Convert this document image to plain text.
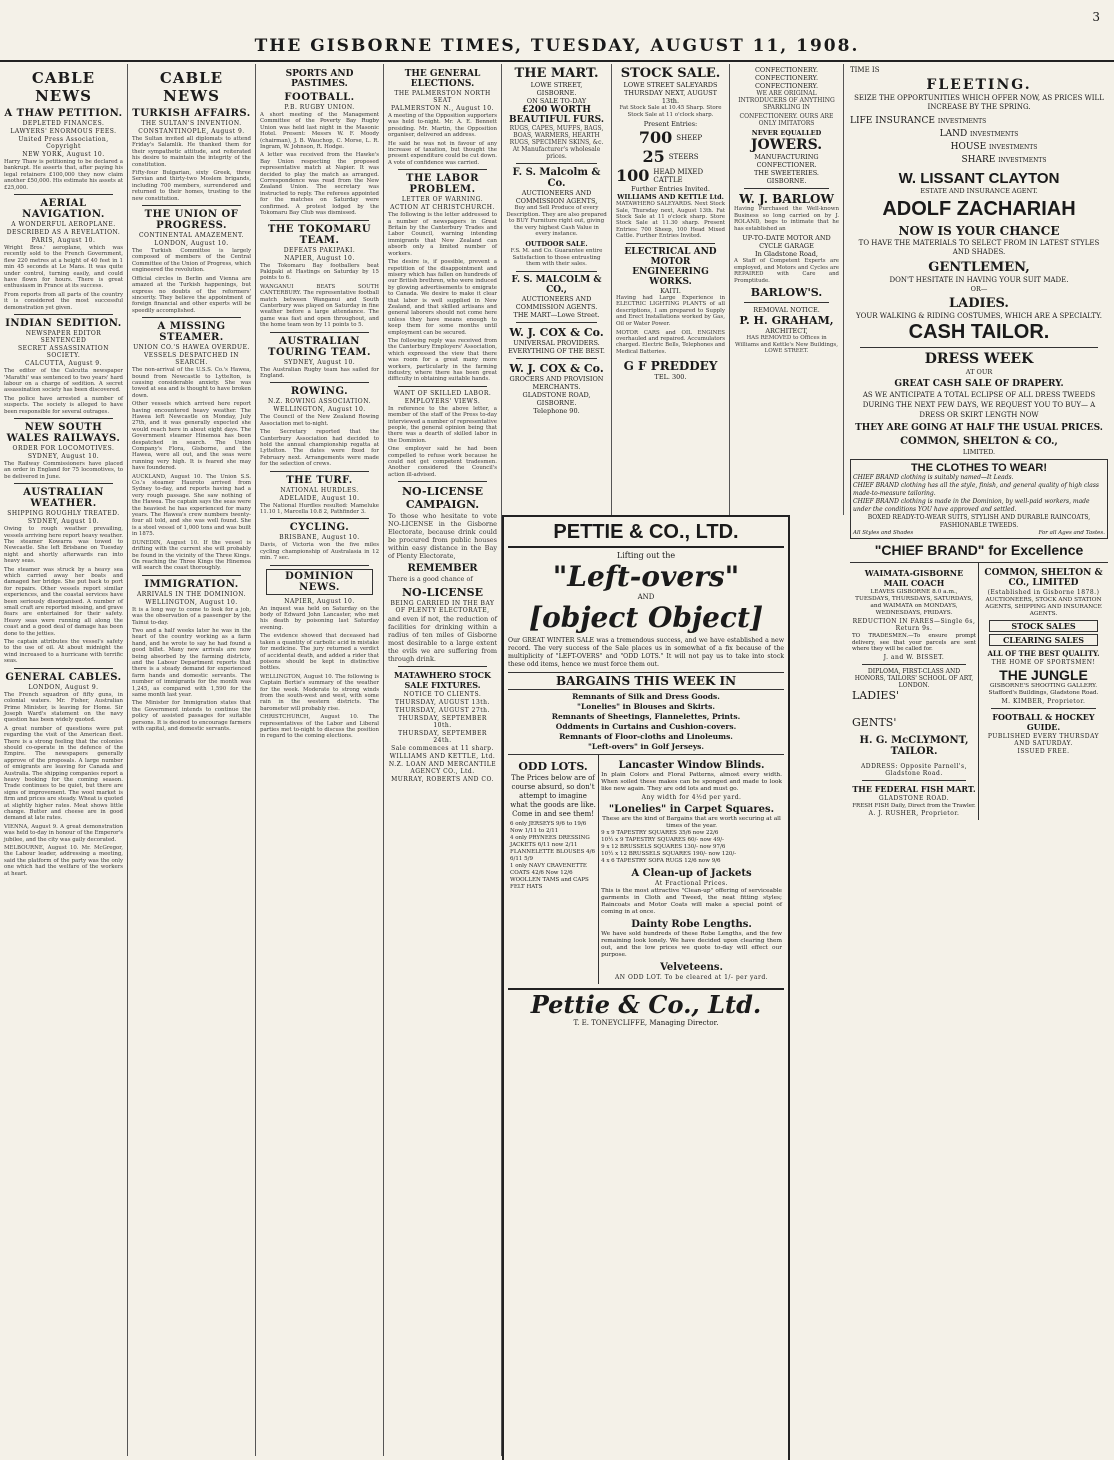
THE GISBORNE TIMES, TUESDAY, AUGUST 11, 1908.
3
CABLE NEWS
A THAW PETITION.
DEPLETED FINANCES.
LAWYERS' ENORMOUS FEES.
United Press Association, Copyright
NEW YORK, August 10.

Harry Thaw is petitioning to be declared a bankrupt. He asserts that, after paying his legal retainers £100,000 they now claim another £50,000. His estimate his assets at £25,000.

AERIAL NAVIGATION.
A WONDERFUL AEROPLANE.
DESCRIBED AS A REVELATION.
PARIS, August 10.

Wright Bros.' aeroplane, which was recently sold to the French Government, flew 220 metres at a height of 40 feet in 1 min 45 seconds at Le Mans. It was quite under control, turning easily, and could have flown for hours. There is great enthusiasm in France at its success.

From reports from all parts of the country it is considered the most successful demonstration yet given.

INDIAN SEDITION.
NEWSPAPER EDITOR SENTENCED
SECRET ASSASSINATION SOCIETY.
CALCUTTA, August 9.

The editor of the Calcutta newspaper 'Marathi' was sentenced to two years' hard labour on a charge of sedition. A secret assassination society has been discovered.

The police have arrested a number of suspects. The society is alleged to have been responsible for several outrages.

NEW SOUTH WALES RAILWAYS.
ORDER FOR LOCOMOTIVES.
SYDNEY, August 10.

The Railway Commissioners have placed an order in England for 75 locomotives, to be delivered in June.

AUSTRALIAN WEATHER.
SHIPPING ROUGHLY TREATED.
SYDNEY, August 10.

Owing to rough weather prevailing, vessels arriving here report heavy weather. The steamer Kowarra was towed to Newcastle. She left Brisbane on Tuesday night and shortly afterwards ran into heavy seas.

The steamer was struck by a heavy sea which carried away her boats and damaged her bridge. She put back to port for repairs. Other vessels report similar experiences, and the coastal services have been seriously disorganised. A number of small craft are reported missing, and grave fears are entertained for their safety. Heavy seas were running all along the coast and a good deal of damage has been done to the jetties.

The captain attributes the vessel's safety to the use of oil. At about midnight the wind increased to a hurricane with terrific seas.

GENERAL CABLES.
LONDON, August 9.

The French squadron of fifty guns, in colonial waters. Mr. Fisher, Australian Prime Minister, is leaving for Home. Sir Joseph Ward's statement on the navy question has been widely quoted.

A great number of questions were put regarding the visit of the American fleet. There is a strong feeling that the colonies should co-operate in the defence of the Empire. The newspapers generally approve of the proposals. A large number of emigrants are leaving for Canada and Australia. The shipping companies report a heavy booking for the coming season. Trade continues to be quiet, but there are signs of improvement. The wool market is firm and prices are steady. Wheat is quoted at slightly higher rates. Meat shows little change. Butter and cheese are in good demand at late rates.

VIENNA, August 9. A great demonstration was held to-day in honour of the Emperor's jubilee, and the city was gaily decorated.

MELBOURNE, August 10. Mr. McGregor, the Labour leader, addressing a meeting, said the platform of the party was the only one which had the welfare of the workers at heart.

CABLE NEWS
TURKISH AFFAIRS.
THE SULTAN'S INVENTION.
CONSTANTINOPLE, August 9.

The Sultan invited all diplomats to attend Friday's Salamlik. He thanked them for their sympathetic attitude, and reiterated his desire to maintain the integrity of the constitution.

Fifty-four Bulgarian, sixty Greek, three Servian and thirty-two Moslem brigands, including 700 members, surrendered and returned to their homes, trusting to the new constitution.

THE UNION OF PROGRESS.
CONTINENTAL AMAZEMENT.
LONDON, August 10.

The Turkish Committee is largely composed of members of the Central Committee of the Union of Progress, which engineered the revolution.

Official circles in Berlin and Vienna are amazed at the Turkish happenings, but express no doubts of the reformers' sincerity. They believe the appointment of foreign financial and other experts will be speedily accomplished.

A MISSING STEAMER.
UNION CO.'S HAWEA OVERDUE.
VESSELS DESPATCHED IN SEARCH.

The non-arrival of the U.S.S. Co.'s Hawea, bound from Newcastle to Lyttelton, is causing considerable anxiety. She was towed at sea and is thought to have broken down.

Other vessels which arrived here report having encountered heavy weather. The Hawea left Newcastle on Monday, July 27th, and it was generally expected she would reach here in about eight days. The Government steamer Hinemoa has been despatched in search. The Union Company's Flora, Gisborne, and the Hawea, were all out, and the seas were running very high. It is feared she may have foundered.

AUCKLAND, August 10. The Union S.S. Co.'s steamer Hauroto arrived from Sydney to-day, and reports having had a very rough passage. She saw nothing of the Hawea. The captain says the seas were the heaviest he has experienced for many years. The Hawea's crew numbers twenty-four all told, and she was well found. She is a steel vessel of 1,000 tons and was built in 1875.

DUNEDIN, August 10. If the vessel is drifting with the current she will probably be found in the vicinity of the Three Kings. On reaching the Three Kings the Hinemoa will search the coast thoroughly.

IMMIGRATION.
ARRIVALS IN THE DOMINION.
WELLINGTON, August 10.

It is a long way to come to look for a job, was the observation of a passenger by the Tainui to-day.

Two and a half weeks later he was in the heart of the country working as a farm hand, and he wrote to say he had found a good billet. Many new arrivals are now being absorbed by the farming districts, and the Labour Department reports that there is a steady demand for experienced farm hands and domestic servants. The number of immigrants for the month was 1,245, as compared with 1,590 for the same month last year.

The Minister for Immigration states that the Government intends to continue the policy of assisted passages for suitable persons. It is desired to encourage farmers with capital, and domestic servants.

SPORTS AND PASTIMES.
FOOTBALL.
P.B. RUGBY UNION.

A short meeting of the Management Committee of the Poverty Bay Rugby Union was held last night in the Masonic Hotel. Present: Messrs W. F. Moody (chairman), J. B. Wauchop, C. Morse, L. R. Ingram, W. Johnson, R. Hodge.

A letter was received from the Hawke's Bay Union respecting the proposed representative match at Napier. It was decided to play the match as arranged. Correspondence was read from the New Zealand Union. The secretary was instructed to reply. The referees appointed for the matches on Saturday were confirmed. A protest lodged by the Tokomaru Bay Club was dismissed.

THE TOKOMARU TEAM.
DEFEATS PAKIPAKI.
NAPIER, August 10.

The Tokomaru Bay footballers beat Pakipaki at Hastings on Saturday by 15 points to 6.

WANGANUI BEATS SOUTH CANTERBURY. The representative football match between Wanganui and South Canterbury was played on Saturday in fine weather before a large attendance. The game was fast and open throughout, and the home team won by 11 points to 5.

AUSTRALIAN TOURING TEAM.
SYDNEY, August 10.

The Australian Rugby team has sailed for England.

ROWING.
N.Z. ROWING ASSOCIATION.
WELLINGTON, August 10.

The Council of the New Zealand Rowing Association met to-night.

The Secretary reported that the Canterbury Association had decided to hold the annual championship regatta at Lyttelton. The dates were fixed for February next. Arrangements were made for the selection of crews.

THE TURF.
NATIONAL HURDLES.
ADELAIDE, August 10.

The National Hurdles resulted: Mameluke 11.10 1, Marcella 10.8 2, Pathfinder 3.

CYCLING.
BRISBANE, August 10.

Davis, of Victoria won the five miles cycling championship of Australasia in 12 min. 7 sec.

DOMINION NEWS.
NAPIER, August 10.

An inquest was held on Saturday on the body of Edward John Lancaster, who met his death by poisoning last Saturday evening.

The evidence showed that deceased had taken a quantity of carbolic acid in mistake for medicine. The jury returned a verdict of accidental death, and added a rider that poisons should be kept in distinctive bottles.

WELLINGTON, August 10. The following is Captain Bertie's summary of the weather for the week. Moderate to strong winds from the south-west and west, with some rain in the western districts. The barometer will probably rise.

CHRISTCHURCH, August 10. The representatives of the Labor and Liberal parties met to-night to discuss the position in regard to the coming elections.

THE GENERAL ELECTIONS.
THE PALMERSTON NORTH SEAT
PALMERSTON N., August 10.

A meeting of the Opposition supporters was held to-night. Mr. A. E. Bennett presiding. Mr. Martin, the Opposition organiser, delivered an address.

He said he was not in favour of any increase of taxation, but thought the present expenditure could be cut down. A vote of confidence was carried.

THE LABOR PROBLEM.
LETTER OF WARNING.
ACTION AT CHRISTCHURCH.

The following is the letter addressed to a number of newspapers in Great Britain by the Canterbury Trades and Labor Council, warning intending immigrants that New Zealand can absorb only a limited number of workers.

The desire is, if possible, prevent a repetition of the disappointment and misery which has fallen on hundreds of our British brethren, who were induced by glowing advertisements to emigrate to Canada. We desire to make it clear that labor is well supplied in New Zealand, and that skilled artisans and general laborers should not come here unless they have means enough to keep them for some months until employment can be secured.

The following reply was received from the Canterbury Employers' Association, which expressed the view that there was room for a great many more workers, particularly in the farming industry, where there has been great difficulty in obtaining suitable hands.

WANT OF SKILLED LABOR.
EMPLOYERS' VIEWS.

In reference to the above letter, a member of the staff of the Press to-day interviewed a number of representative people, the general opinion being that there was a dearth of skilled labor in the Dominion.

One employer said he had been compelled to refuse work because he could not get competent tradesmen. Another considered the Council's action ill-advised.

NO-LICENSE CAMPAIGN.

To those who hesitate to vote NO-LICENSE in the Gisborne Electorate, because drink could be procured from public houses within easy distance in the Bay of Plenty Electorate,

REMEMBER

There is a good chance of

NO-LICENSE
BEING CARRIED IN THE BAY OF PLENTY ELECTORATE,

and even if not, the reduction of facilities for drinking within a radius of ten miles of Gisborne most desirable to a large extent the evils we are suffering from through drink.

MATAWHERO STOCK SALE FIXTURES.
NOTICE TO CLIENTS.
THURSDAY, AUGUST 13th.
THURSDAY, AUGUST 27th.
THURSDAY, SEPTEMBER 10th.
THURSDAY, SEPTEMBER 24th.
Sale commences at 11 sharp.
WILLIAMS AND KETTLE, Ltd.
N.Z. LOAN AND MERCANTILE AGENCY CO., Ltd.
MURRAY, ROBERTS AND CO.
THE MART.
LOWE STREET,
GISBORNE.
ON SALE TO-DAY
£200 WORTH BEAUTIFUL FURS.

RUGS, CAPES, MUFFS, BAGS, BOAS, WARMERS, HEARTH RUGS, SPECIMEN SKINS, &c. At Manufacturer's wholesale prices.

F. S. Malcolm & Co.
AUCTIONEERS AND COMMISSION AGENTS,

Buy and Sell Produce of every Description. They are also prepared to BUY Furniture right out, giving the very highest Cash Value in every instance.

OUTDOOR SALE.

F.S. M. and Co. Guarantee entire Satisfaction to those entrusting them with their sales.

F. S. MALCOLM & CO.,
AUCTIONEERS AND COMMISSION AGENTS.
THE MART—Lowe Street.
W. J. COX & Co.
UNIVERSAL PROVIDERS.
EVERYTHING OF THE BEST.
W. J. COX & Co.
GROCERS AND PROVISION MERCHANTS.
GLADSTONE ROAD, GISBORNE.
Telephone 90.
STOCK SALE.
LOWE STREET SALEYARDS
THURSDAY NEXT, AUGUST 13th.

Fat Stock Sale at 10.45 Sharp. Store Stock Sale at 11 o'clock sharp.

Present Entries:
700 SHEEP
25 STEERS
100 HEAD MIXED CATTLE
Further Entries Invited.
WILLIAMS AND KETTLE Ltd.

MATAWHERO SALEYARDS. Next Stock Sale, Thursday next, August 13th. Fat Stock Sale at 11 o'clock sharp. Store Stock Sale at 11.30 sharp. Present Entries: 700 Sheep, 100 Head Mixed Cattle. Further Entries Invited.

ELECTRICAL AND MOTOR ENGINEERING WORKS.
KAITI.

Having had Large Experience in ELECTRIC LIGHTING PLANTS of all descriptions, I am prepared to Supply and Erect Installations worked by Gas, Oil or Water Power.

MOTOR CARS and OIL ENGINES overhauled and repaired. Accumulators charged. Electric Bells, Telephones and Medical Batteries.

G F PREDDEY
TEL. 300.
CONFECTIONERY.
CONFECTIONERY.
CONFECTIONERY.

WE ARE ORIGINAL INTRODUCERS OF ANYTHING SPARKLING IN

CONFECTIONERY. OURS ARE ONLY IMITATORS

NEVER EQUALLED
JOWERS.
MANUFACTURING CONFECTIONER.
THE SWEETERIES.
GISBORNE.
W. J. BARLOW

Having Purchased the Well-known Business so long carried on by J. ROLAND, begs to intimate that he has established an

UP-TO-DATE MOTOR AND CYCLE GARAGE
In Gladstone Road,

A Staff of Competent Experts are employed, and Motors and Cycles are REPAIRED with Care and Promptitude.

BARLOW'S.
REMOVAL NOTICE.
P. H. GRAHAM,
ARCHITECT,

HAS REMOVED to Offices in Williams and Kettle's New Buildings, LOWE STREET.

PETTIE & CO., LTD.
Lifting out the
"Left-overs"
AND
[object Object]

Our GREAT WINTER SALE was a tremendous success, and we have established a new record. The very success of the Sale places us in somewhat of a fix because of the multiplicity of "LEFT-OVERS" and "ODD LOTS." It will not pay us to take into stock these odd items, hence we must force them out.

BARGAINS THIS WEEK IN
Remnants of Silk and Dress Goods.
"Lonelies" in Blouses and Skirts.
Remnants of Sheetings, Flannelettes, Prints.
Oddments in Curtains and Cushion-covers.
Remnants of Floor-cloths and Linoleums.
"Left-overs" in Golf Jerseys.
ODD LOTS.

The Prices below are of course absurd, so don't attempt to imagine what the goods are like. Come in and see them!

6 only JERSEYS 9/6 to 19/6 Now 1/11 to 2/11
4 only PRYNEES DRESSING JACKETS 6/11 now 2/11
FLANNELETTE BLOUSES 4/6 6/11 5/9
1 only NAVY CRAVENETTE COATS 42/6 Now 12/6
WOOLLEN TAMS and CAPS
FELT HATS
Lancaster Window Blinds.

In plain Colors and Floral Patterns, almost every width. When soiled these makes can be sponged and made to look like new again. They are odd lots and must go.

Any width for 4½d per yard.
"Lonelies" in Carpet Squares.

These are the kind of Bargains that are worth securing at all times of the year.

9 x 9 TAPESTRY SQUARES 35/6 now 22/6
10½ x 9 TAPESTRY SQUARES 60/- now 49/-
9 x 12 BRUSSELS SQUARES 130/- now 97/6
10½ x 12 BRUSSELS SQUARES 190/- now 120/-
4 x 6 TAPESTRY SOFA RUGS 12/6 now 9/6
A Clean-up of Jackets
At Fractional Prices.

This is the most attractive "Clean-up" offering of serviceable garments in Cloth and Tweed, the neat fitting styles; Raincoats and Motor Coats will make a special point of coming in at once.

Dainty Robe Lengths.

We have sold hundreds of these Robe Lengths, and the few remaining look lonely. We have decided upon clearing them out, and the low prices we quote to-day will effect our purpose.

Velveteens.
AN ODD LOT. To be cleared at 1/- per yard.
Pettie & Co., Ltd.
T. E. TONEYCLIFFE, Managing Director.
TIME IS
FLEETING.

SEIZE THE OPPORTUNITIES WHICH OFFER NOW, AS PRICES WILL INCREASE BY THE SPRING.

LIFE INSURANCE INVESTMENTS
LAND INVESTMENTS
HOUSE INVESTMENTS
SHARE INVESTMENTS
W. LISSANT CLAYTON
ESTATE AND INSURANCE AGENT.
ADOLF ZACHARIAH
NOW IS YOUR CHANCE

TO HAVE THE MATERIALS TO SELECT FROM IN LATEST STYLES AND SHADES.

GENTLEMEN,

DON'T HESITATE IN HAVING YOUR SUIT MADE.

OR—
LADIES.

YOUR WALKING & RIDING COSTUMES, WHICH ARE A SPECIALTY.

CASH TAILOR.
DRESS WEEK
AT OUR
GREAT CASH SALE OF DRAPERY.

AS WE ANTICIPATE A TOTAL ECLIPSE OF ALL DRESS TWEEDS DURING THE NEXT FEW DAYS, WE REQUEST YOU TO BUY— A DRESS OR SKIRT LENGTH NOW

THEY ARE GOING AT HALF THE USUAL PRICES.
COMMON, SHELTON & CO.,
LIMITED.
THE CLOTHES TO WEAR!

CHIEF BRAND clothing is suitably named—It Leads.

CHIEF BRAND clothing has all the style, finish, and general quality of high class made-to-measure tailoring.

CHIEF BRAND clothing is made in the Dominion, by well-paid workers, made under the conditions YOU have approved and settled.

BOXED READY-TO-WEAR SUITS, STYLISH AND DURABLE RAINCOATS, FASHIONABLE TWEEDS.

All Styles and Shades	For all Ages and Tastes.
"CHIEF BRAND" for Excellence
WAIMATA-GISBORNE MAIL COACH

LEAVES GISBORNE 8.0 a.m., TUESDAYS, THURSDAYS, SATURDAYS, and WAIMATA on MONDAYS, WEDNESDAYS, FRIDAYS.

REDUCTION IN FARES—Single 6s, Return 9s.

TO TRADESMEN.—To ensure prompt delivery, see that your parcels are sent where they will be called for.

J. and W. BISSET.

DIPLOMA, FIRST-CLASS AND HONORS, TAILORS' SCHOOL OF ART, LONDON.

LADIES'
GENTS'
H. G. McCLYMONT, TAILOR.
ADDRESS: Opposite Parnell's, Gladstone Road.
THE FEDERAL FISH MART.
GLADSTONE ROAD.

FRESH FISH Daily, Direct from the Trawler.

A. J. RUSHER, Proprietor.
COMMON, SHELTON & CO., LIMITED
(Established in Gisborne 1878.)

AUCTIONEERS, STOCK AND STATION AGENTS, SHIPPING AND INSURANCE AGENTS.

STOCK SALES
CLEARING SALES
ALL OF THE BEST QUALITY.
THE HOME OF SPORTSMEN!
THE JUNGLE

GISBORNE'S SHOOTING GALLERY. Stafford's Buildings, Gladstone Road.

M. KIMBER, Proprietor.
FOOTBALL & HOCKEY GUIDE.
PUBLISHED EVERY THURSDAY AND SATURDAY.
ISSUED FREE.
